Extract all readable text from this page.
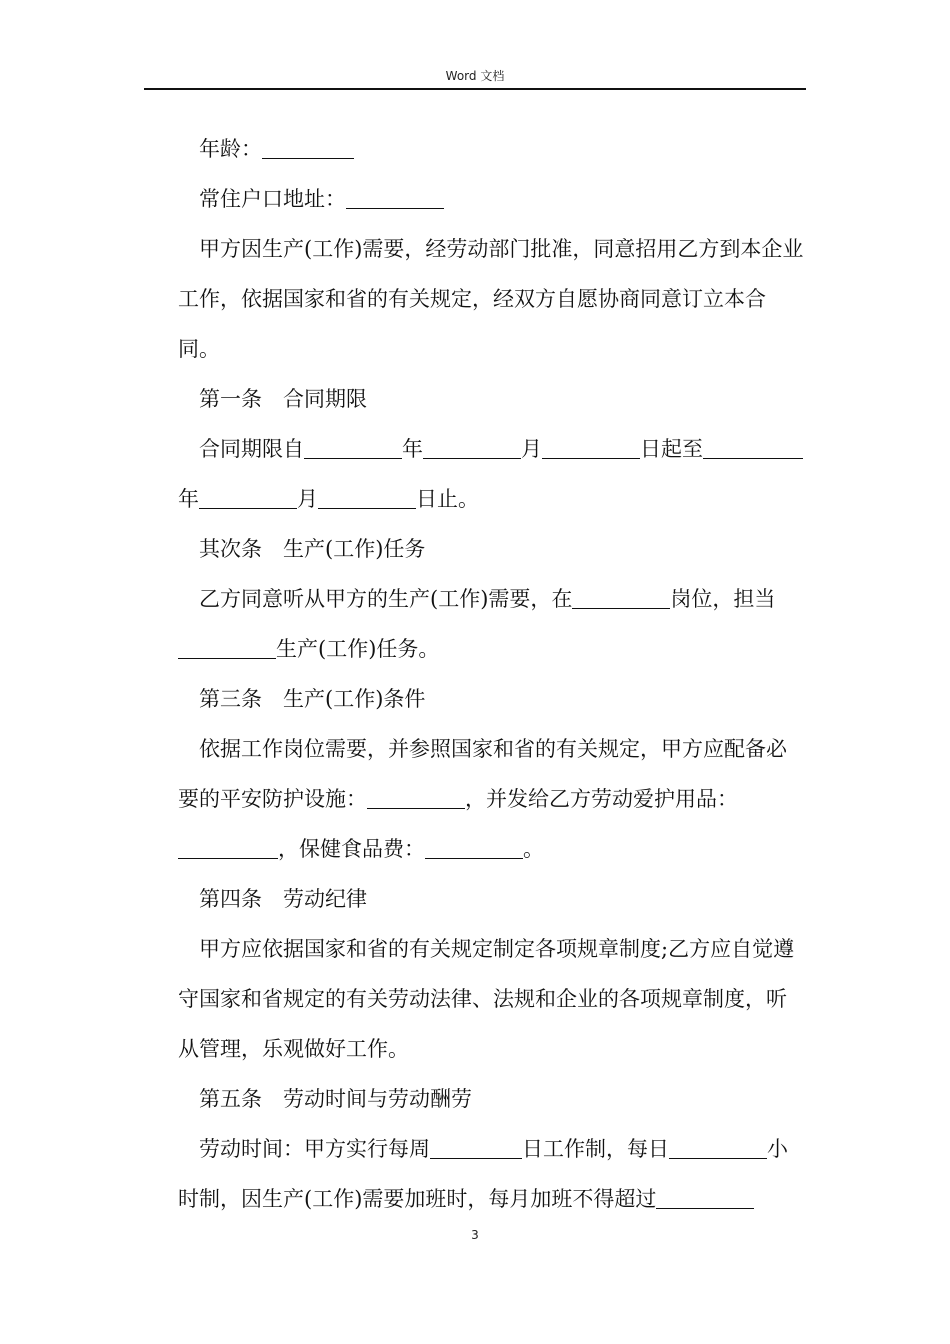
Word 文档

年龄：

常住户口地址：

甲方因生产(工作)需要，经劳动部门批准，同意招用乙方到本企业工作，依据国家和省的有关规定，经双方自愿协商同意订立本合同。

第一条　合同期限

合同期限自	年	月	日起至年	月	日止。

其次条　生产(工作)任务

乙方同意听从甲方的生产(工作)需要，在	岗位，担当生产(工作)任务。

第三条　生产(工作)条件

依据工作岗位需要，并参照国家和省的有关规定，甲方应配备必要的平安防护设施：	，并发给乙方劳动爱护用品：，保健食品费：	。

第四条　劳动纪律

甲方应依据国家和省的有关规定制定各项规章制度;乙方应自觉遵守国家和省规定的有关劳动法律、法规和企业的各项规章制度，听从管理，乐观做好工作。

第五条　劳动时间与劳动酬劳

劳动时间：甲方实行每周	日工作制，每日	小时制，因生产(工作)需要加班时，每月加班不得超过

3
